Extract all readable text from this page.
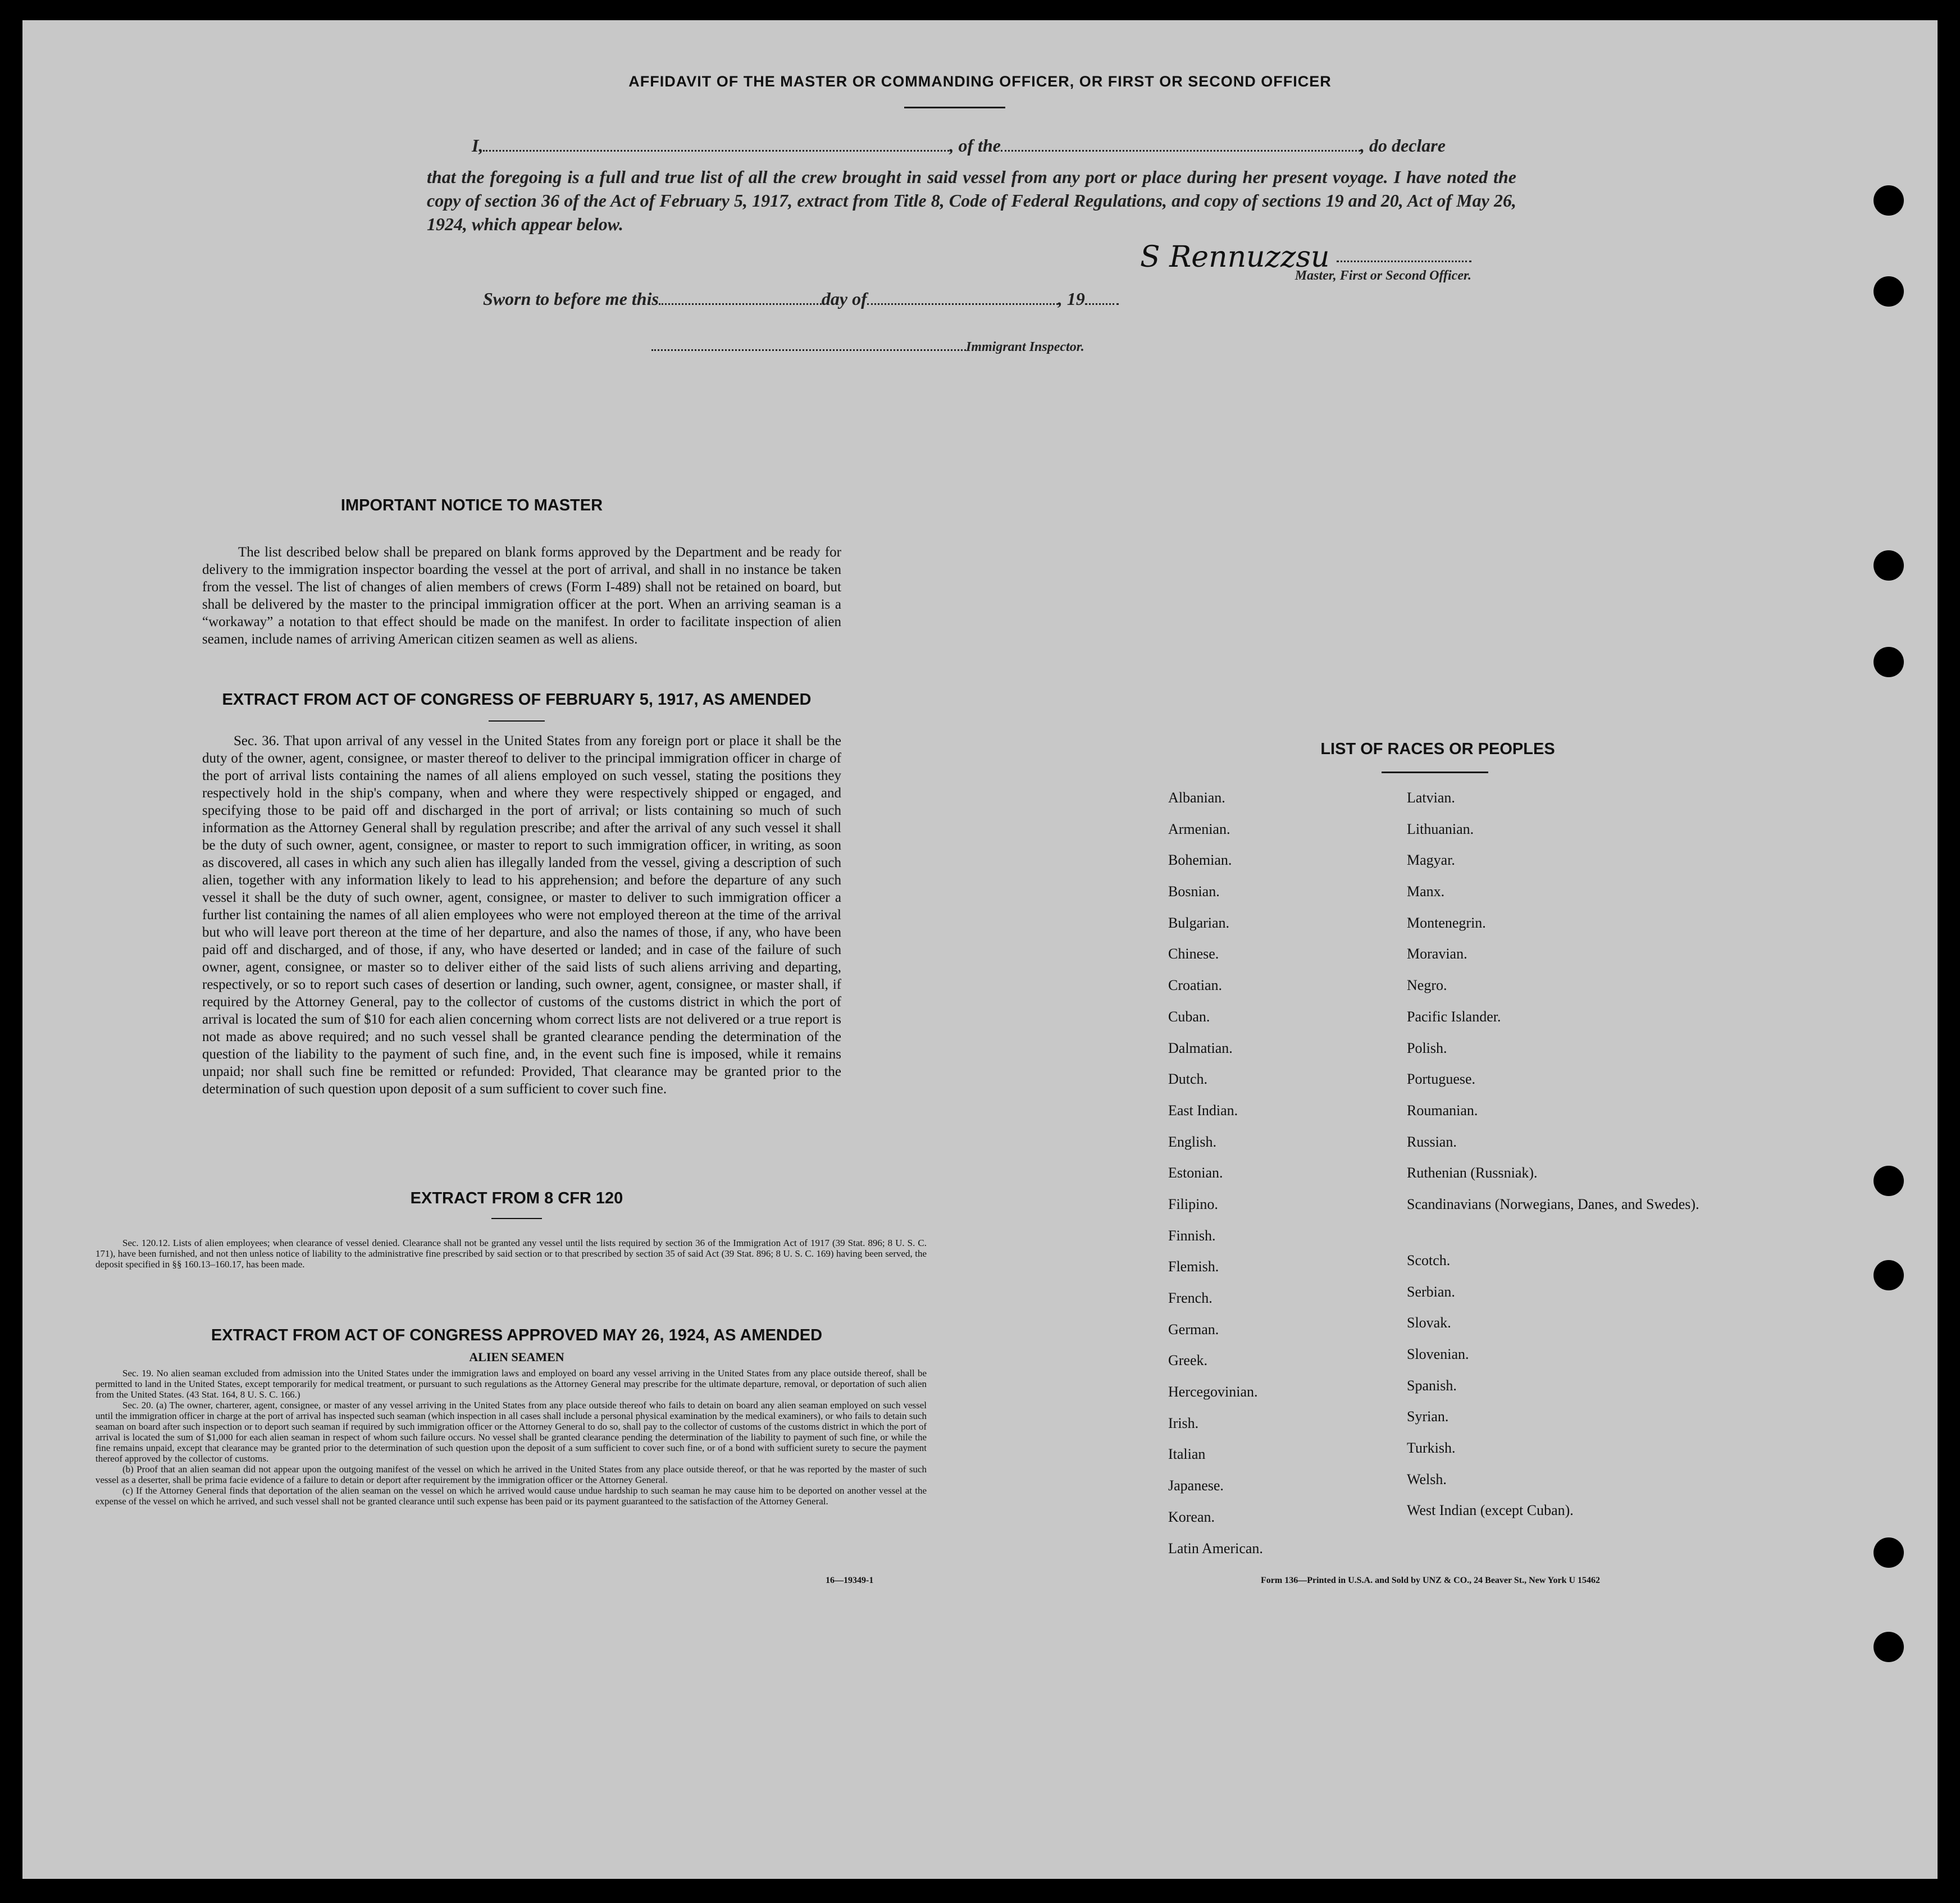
AFFIDAVIT OF THE MASTER OR COMMANDING OFFICER, OR FIRST OR SECOND OFFICER
I,	, of the	, do declare
that the foregoing is a full and true list of all the crew brought in said vessel from any port or place during her present voyage. I have noted the copy of section 36 of the Act of February 5, 1917, extract from Title 8, Code of Federal Regulations, and copy of sections 19 and 20, Act of May 26, 1924, which appear below.
S Rennuzzsu
Master, First or Second Officer.
Sworn to before me this	day of	, 19
Immigrant Inspector.
IMPORTANT NOTICE TO MASTER
The list described below shall be prepared on blank forms approved by the Department and be ready for delivery to the immigration inspector boarding the vessel at the port of arrival, and shall in no instance be taken from the vessel. The list of changes of alien members of crews (Form I-489) shall not be retained on board, but shall be delivered by the master to the principal immigration officer at the port. When an arriving seaman is a “workaway” a notation to that effect should be made on the manifest. In order to facilitate inspection of alien seamen, include names of arriving American citizen seamen as well as aliens.
EXTRACT FROM ACT OF CONGRESS OF FEBRUARY 5, 1917, AS AMENDED
Sec. 36. That upon arrival of any vessel in the United States from any foreign port or place it shall be the duty of the owner, agent, consignee, or master thereof to deliver to the principal immigration officer in charge of the port of arrival lists containing the names of all aliens employed on such vessel, stating the positions they respectively hold in the ship's company, when and where they were respectively shipped or engaged, and specifying those to be paid off and discharged in the port of arrival; or lists containing so much of such information as the Attorney General shall by regulation prescribe; and after the arrival of any such vessel it shall be the duty of such owner, agent, consignee, or master to report to such immigration officer, in writing, as soon as discovered, all cases in which any such alien has illegally landed from the vessel, giving a description of such alien, together with any information likely to lead to his apprehension; and before the departure of any such vessel it shall be the duty of such owner, agent, consignee, or master to deliver to such immigration officer a further list containing the names of all alien employees who were not employed thereon at the time of the arrival but who will leave port thereon at the time of her departure, and also the names of those, if any, who have been paid off and discharged, and of those, if any, who have deserted or landed; and in case of the failure of such owner, agent, consignee, or master so to deliver either of the said lists of such aliens arriving and departing, respectively, or so to report such cases of desertion or landing, such owner, agent, consignee, or master shall, if required by the Attorney General, pay to the collector of customs of the customs district in which the port of arrival is located the sum of $10 for each alien concerning whom correct lists are not delivered or a true report is not made as above required; and no such vessel shall be granted clearance pending the determination of the question of the liability to the payment of such fine, and, in the event such fine is imposed, while it remains unpaid; nor shall such fine be remitted or refunded: Provided, That clearance may be granted prior to the determination of such question upon deposit of a sum sufficient to cover such fine.
EXTRACT FROM 8 CFR 120
Sec. 120.12. Lists of alien employees; when clearance of vessel denied. Clearance shall not be granted any vessel until the lists required by section 36 of the Immigration Act of 1917 (39 Stat. 896; 8 U. S. C. 171), have been furnished, and not then unless notice of liability to the administrative fine prescribed by said section or to that prescribed by section 35 of said Act (39 Stat. 896; 8 U. S. C. 169) having been served, the deposit specified in §§ 160.13–160.17, has been made.
EXTRACT FROM ACT OF CONGRESS APPROVED MAY 26, 1924, AS AMENDED
ALIEN SEAMEN

Sec. 19. No alien seaman excluded from admission into the United States under the immigration laws and employed on board any vessel arriving in the United States from any place outside thereof, shall be permitted to land in the United States, except temporarily for medical treatment, or pursuant to such regulations as the Attorney General may prescribe for the ultimate departure, removal, or deportation of such alien from the United States. (43 Stat. 164, 8 U. S. C. 166.)

Sec. 20. (a) The owner, charterer, agent, consignee, or master of any vessel arriving in the United States from any place outside thereof who fails to detain on board any alien seaman employed on such vessel until the immigration officer in charge at the port of arrival has inspected such seaman (which inspection in all cases shall include a personal physical examination by the medical examiners), or who fails to detain such seaman on board after such inspection or to deport such seaman if required by such immigration officer or the Attorney General to do so, shall pay to the collector of customs of the customs district in which the port of arrival is located the sum of $1,000 for each alien seaman in respect of whom such failure occurs. No vessel shall be granted clearance pending the determination of the liability to payment of such fine, or while the fine remains unpaid, except that clearance may be granted prior to the determination of such question upon the deposit of a sum sufficient to cover such fine, or of a bond with sufficient surety to secure the payment thereof approved by the collector of customs.

(b) Proof that an alien seaman did not appear upon the outgoing manifest of the vessel on which he arrived in the United States from any place outside thereof, or that he was reported by the master of such vessel as a deserter, shall be prima facie evidence of a failure to detain or deport after requirement by the immigration officer or the Attorney General.

(c) If the Attorney General finds that deportation of the alien seaman on the vessel on which he arrived would cause undue hardship to such seaman he may cause him to be deported on another vessel at the expense of the vessel on which he arrived, and such vessel shall not be granted clearance until such expense has been paid or its payment guaranteed to the satisfaction of the Attorney General.

16—19349-1
LIST OF RACES OR PEOPLES
Albanian.
Armenian.
Bohemian.
Bosnian.
Bulgarian.
Chinese.
Croatian.
Cuban.
Dalmatian.
Dutch.
East Indian.
English.
Estonian.
Filipino.
Finnish.
Flemish.
French.
German.
Greek.
Hercegovinian.
Irish.
Italian
Japanese.
Korean.
Latin American.
Latvian.
Lithuanian.
Magyar.
Manx.
Montenegrin.
Moravian.
Negro.
Pacific Islander.
Polish.
Portuguese.
Roumanian.
Russian.
Ruthenian (Russniak).
Scandinavians (Norwegians, Danes, and Swedes).
Scotch.
Serbian.
Slovak.
Slovenian.
Spanish.
Syrian.
Turkish.
Welsh.
West Indian (except Cuban).
Form 136—Printed in U.S.A. and Sold by UNZ & CO., 24 Beaver St., New York U 15462
